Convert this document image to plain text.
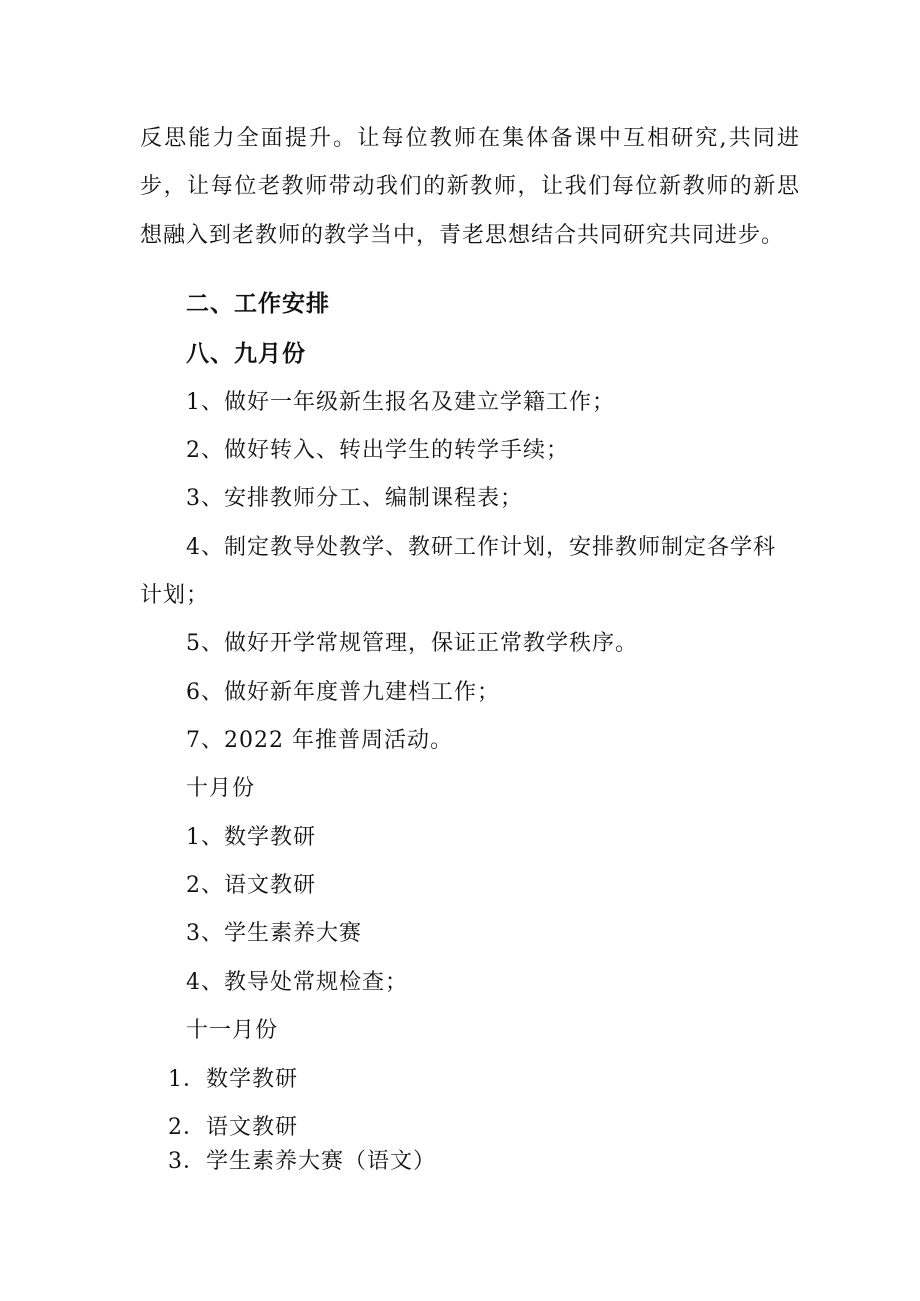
反思能力全面提升。让每位教师在集体备课中互相研究,共同进
步，让每位老教师带动我们的新教师，让我们每位新教师的新思
想融入到老教师的教学当中，青老思想结合共同研究共同进步。
二、工作安排
八、九月份
1、做好一年级新生报名及建立学籍工作；
2、做好转入、转出学生的转学手续；
3、安排教师分工、编制课程表；
4、制定教导处教学、教研工作计划，安排教师制定各学科
计划；
5、做好开学常规管理，保证正常教学秩序。
6、做好新年度普九建档工作；
7、2022 年推普周活动。
十月份
1、数学教研
2、语文教研
3、学生素养大赛
4、教导处常规检查；
十一月份
1．数学教研
2．语文教研
3．学生素养大赛（语文）
